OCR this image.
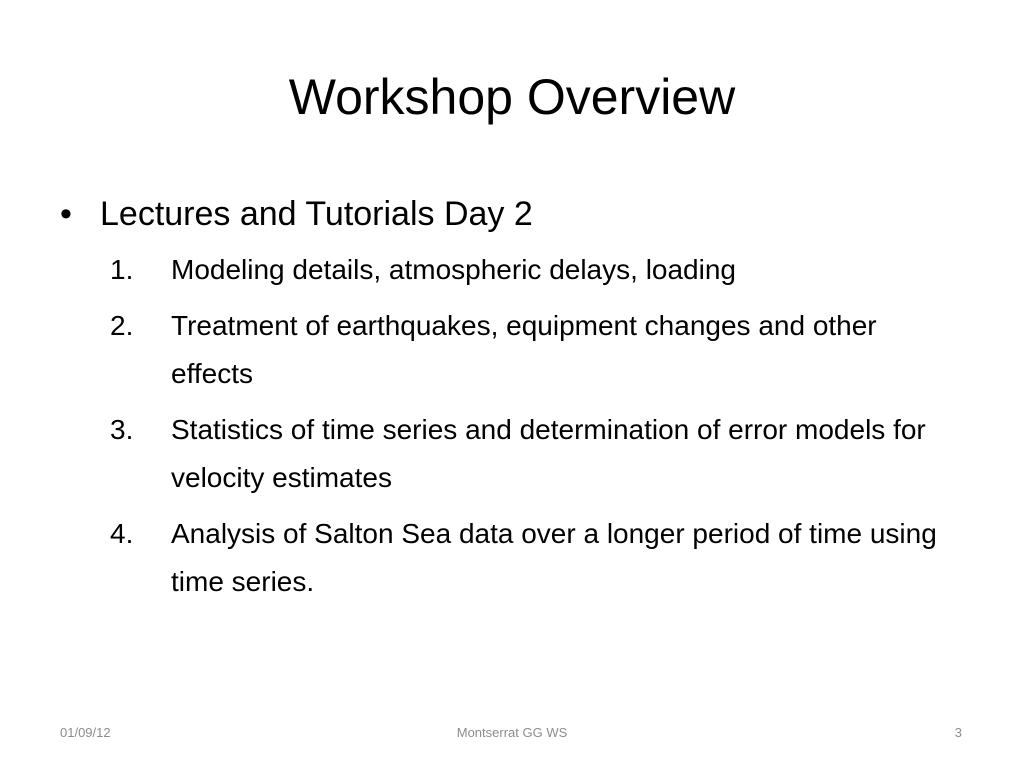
Workshop Overview
• Lectures and Tutorials Day 2
1.	Modeling details, atmospheric delays, loading
2.	Treatment of earthquakes, equipment changes and other effects
3.	Statistics of time series and determination of error models for velocity estimates
4.	Analysis of Salton Sea data over a longer period of time using time series.
01/09/12	Montserrat GG WS	3
